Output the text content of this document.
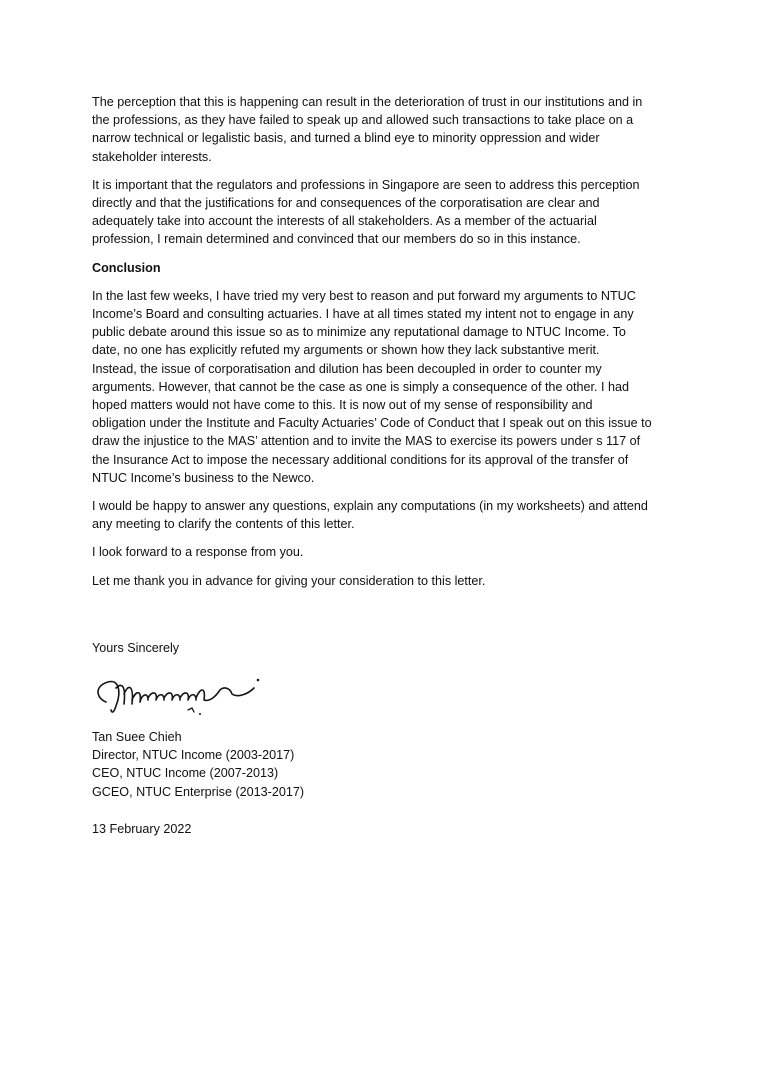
The perception that this is happening can result in the deterioration of trust in our institutions and in
the professions, as they have failed to speak up and allowed such transactions to take place on a
narrow technical or legalistic basis, and turned a blind eye to minority oppression and wider
stakeholder interests.

It is important that the regulators and professions in Singapore are seen to address this perception
directly and that the justifications for and consequences of the corporatisation are clear and
adequately take into account the interests of all stakeholders. As a member of the actuarial
profession, I remain determined and convinced that our members do so in this instance.

Conclusion

In the last few weeks, I have tried my very best to reason and put forward my arguments to NTUC
Income’s Board and consulting actuaries. I have at all times stated my intent not to engage in any
public debate around this issue so as to minimize any reputational damage to NTUC Income. To
date, no one has explicitly refuted my arguments or shown how they lack substantive merit.
Instead, the issue of corporatisation and dilution has been decoupled in order to counter my
arguments. However, that cannot be the case as one is simply a consequence of the other. I had
hoped matters would not have come to this. It is now out of my sense of responsibility and
obligation under the Institute and Faculty Actuaries’ Code of Conduct that I speak out on this issue to
draw the injustice to the MAS’ attention and to invite the MAS to exercise its powers under s 117 of
the Insurance Act to impose the necessary additional conditions for its approval of the transfer of
NTUC Income’s business to the Newco.

I would be happy to answer any questions, explain any computations (in my worksheets) and attend
any meeting to clarify the contents of this letter.

I look forward to a response from you.

Let me thank you in advance for giving your consideration to this letter.

Yours Sincerely
Tan Suee Chieh
Director, NTUC Income (2003-2017)
CEO, NTUC Income (2007-2013)
GCEO, NTUC Enterprise (2013-2017)
13 February 2022
